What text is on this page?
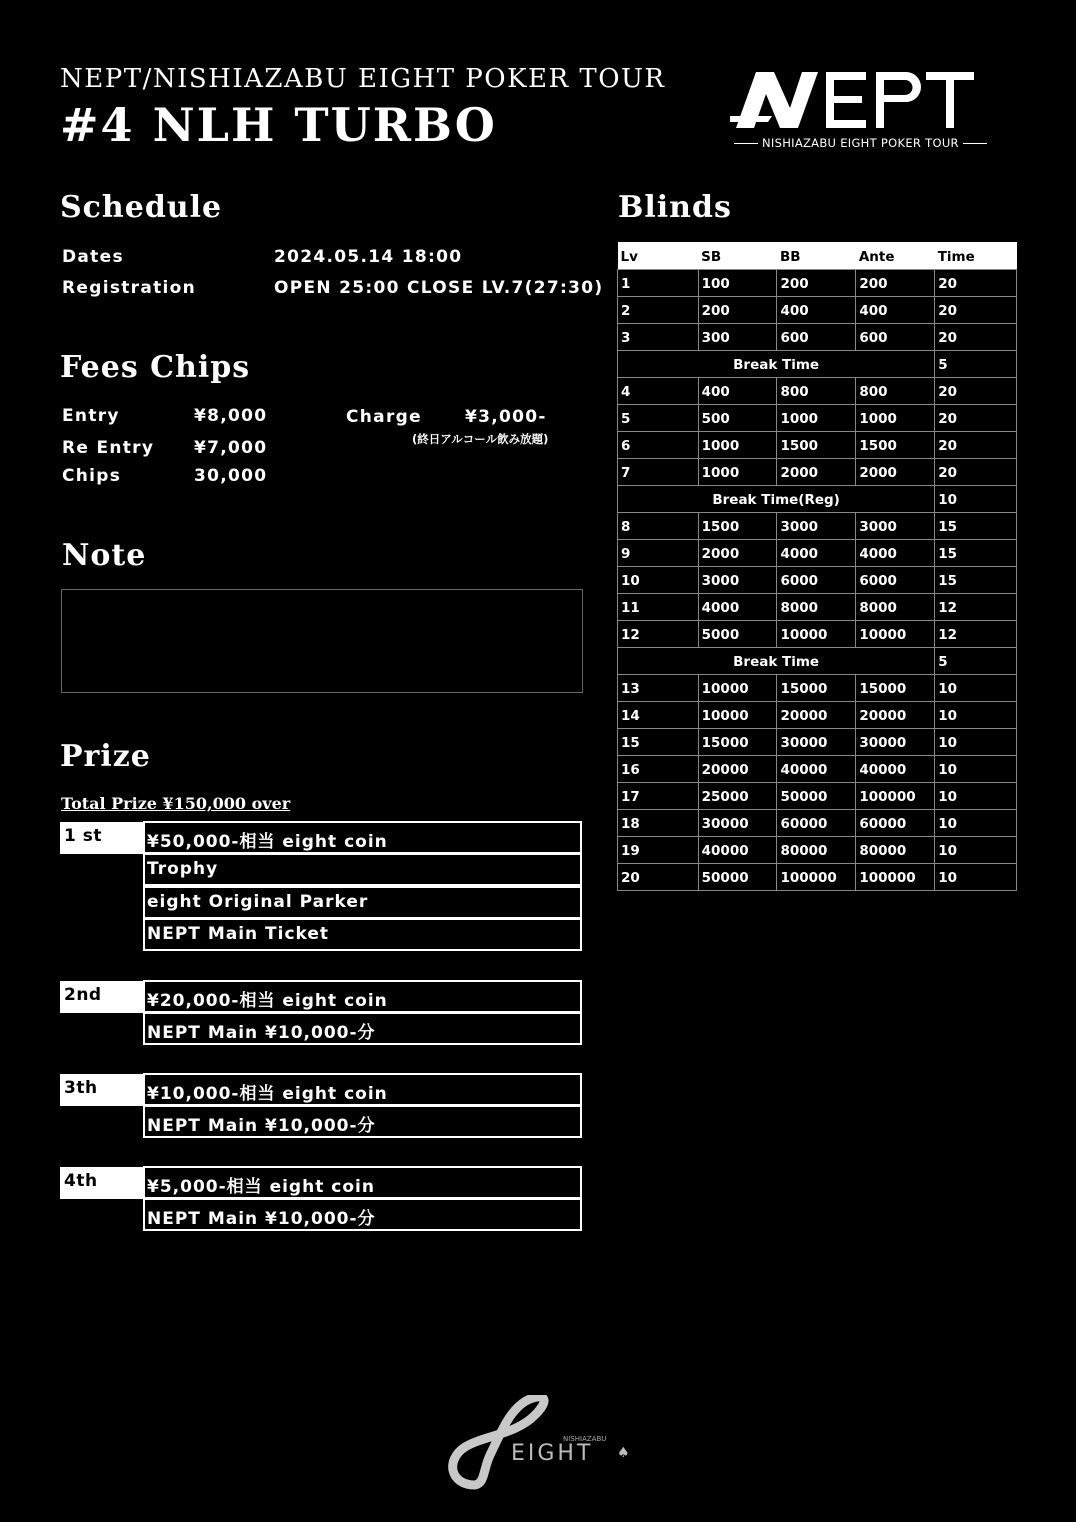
NEPT/NISHIAZABU EIGHT POKER TOUR
#4 NLH TURBO	NISHIAZABU EIGHT POKER TOUR
Schedule
Dates	2024.05.14 18:00
Registration	OPEN 25:00 CLOSE LV.7(27:30)
Fees Chips
Entry	¥8,000
Re Entry ¥7,000
Chips	30,000
Charge	¥3,000-
(終日アルコール飲み放題)
Note
Prize
Total Prize ¥150,000 over
1 st	¥50,000-相当 eight coin
Trophy
eight Original Parker
NEPT Main Ticket
2nd	¥20,000-相当 eight coin
NEPT Main ¥10,000-分
3th	¥10,000-相当 eight coin
NEPT Main ¥10,000-分
4th	¥5,000-相当 eight coin
NEPT Main ¥10,000-分
Blinds
Lv	SB	BB	Ante	Time
1	100	200	200	20
2	200	400	400	20
3	300	600	600	20
Break Time				5
4	400	800	800	20
5	500	1000	1000	20
6	1000	1500	1500	20
7	1000	2000	2000	20
Break Time(Reg)				10
8	1500	3000	3000	15
9	2000	4000	4000	15
10	3000	6000	6000	15
11	4000	8000	8000	12
12	5000	10000	10000	12
Break Time				5
13	10000	15000	15000	10
14	10000	20000	20000	10
15	15000	30000	30000	10
16	20000	40000	40000	10
17	25000	50000	100000	10
18	30000	60000	60000	10
19	40000	80000	80000	10
20	50000	100000	100000	10
NISHIAZABU
EIGHT ♠
